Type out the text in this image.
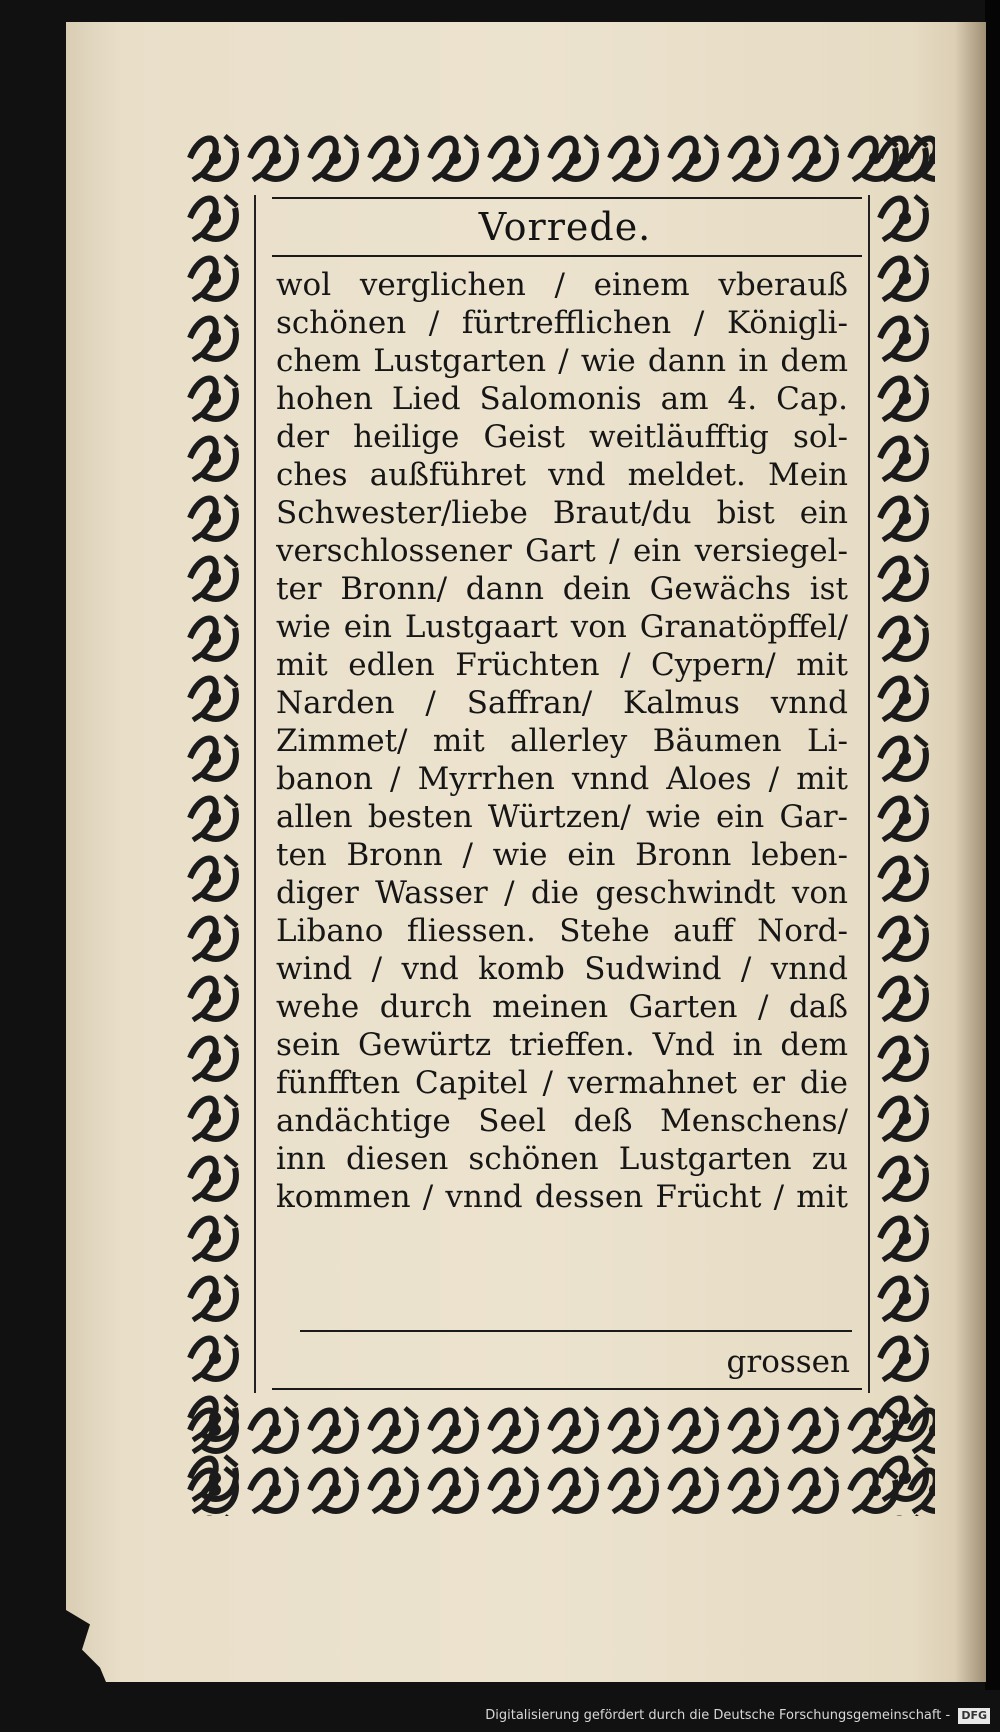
Vorrede.
wol verglichen / einem vberauß
schönen / fürtrefflichen / Königli-
chem Lustgarten / wie dann in dem
hohen Lied Salomonis am 4. Cap.
der heilige Geist weitläufftig sol-
ches außführet vnd meldet. Mein
Schwester/liebe Braut/du bist ein
verschlossener Gart / ein versiegel-
ter Bronn/ dann dein Gewächs ist
wie ein Lustgaart von Granatöpffel/
mit edlen Früchten / Cypern/ mit
Narden / Saffran/ Kalmus vnnd
Zimmet/ mit allerley Bäumen Li-
banon / Myrrhen vnnd Aloes / mit
allen besten Würtzen/ wie ein Gar-
ten Bronn / wie ein Bronn leben-
diger Wasser / die geschwindt von
Libano fliessen. Stehe auff Nord-
wind / vnd komb Sudwind / vnnd
wehe durch meinen Garten / daß
sein Gewürtz trieffen. Vnd in dem
fünfften Capitel / vermahnet er die
andächtige Seel deß Menschens/
inn diesen schönen Lustgarten zu
kommen / vnnd dessen Frücht / mit
grossen
Digitalisierung gefördert durch die Deutsche Forschungsgemeinschaft - DFG
